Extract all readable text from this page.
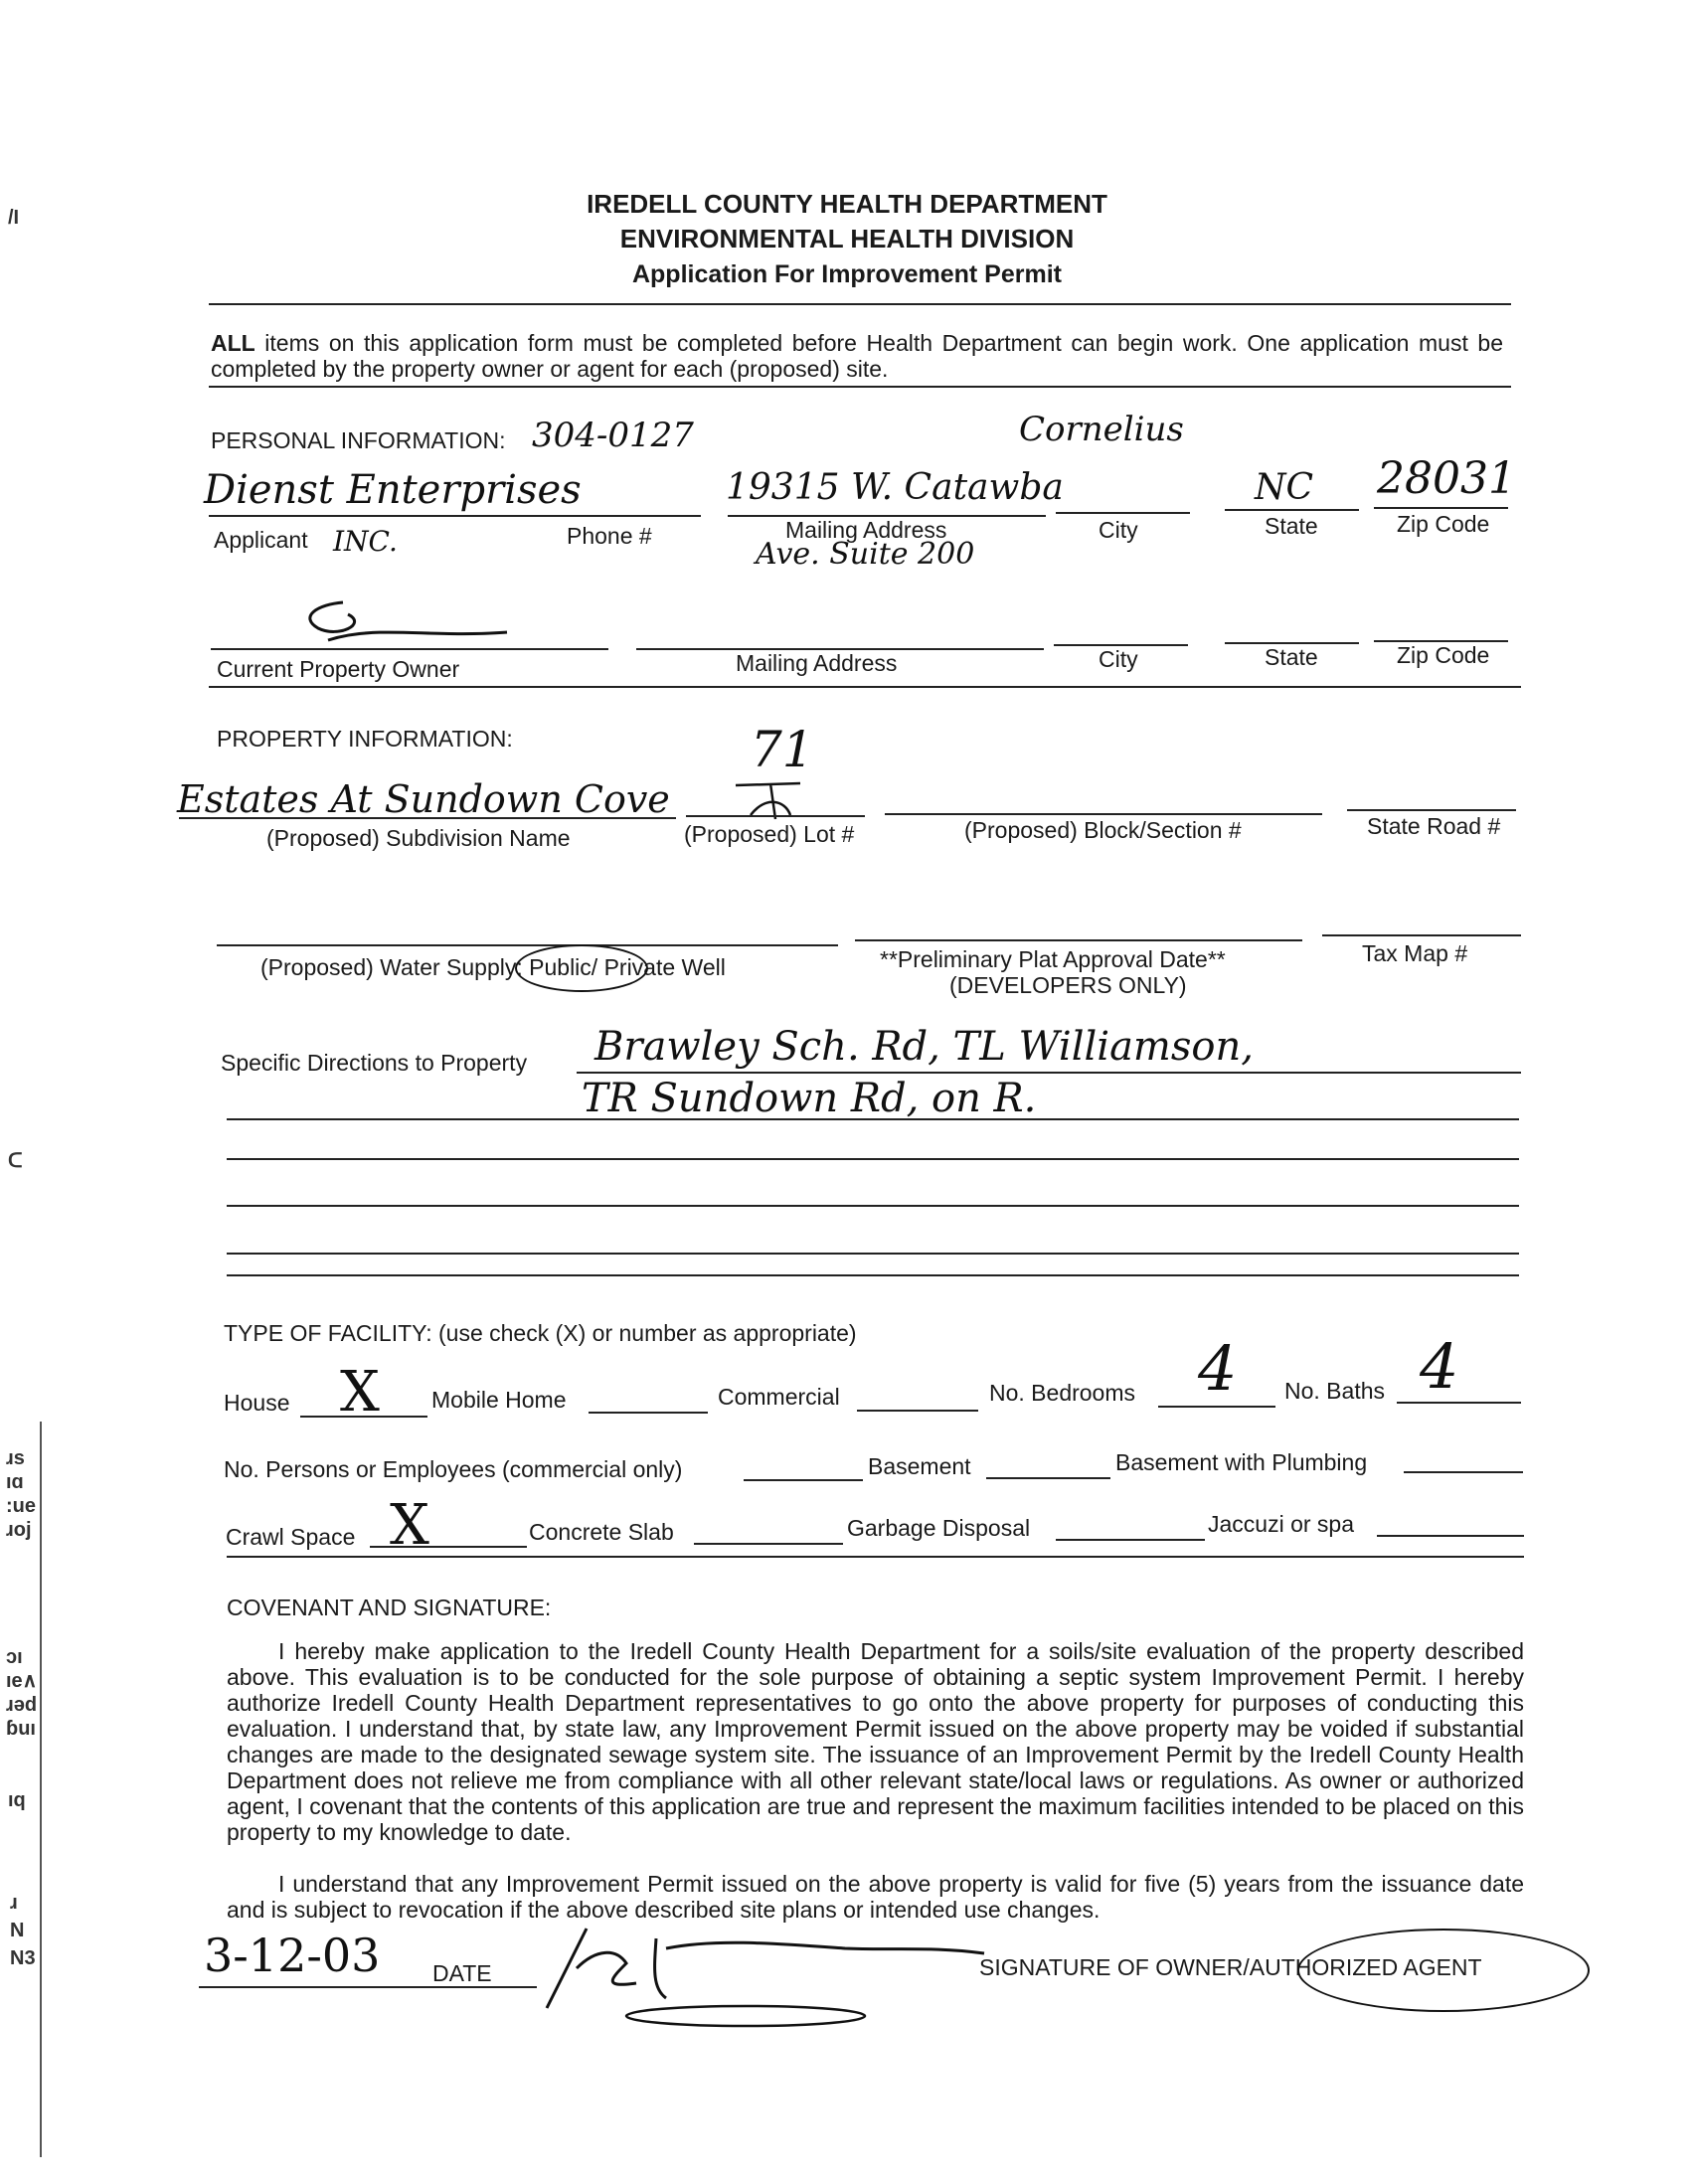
/I
ᑕ
ɹs
ıɑ
:ue
ɹoj
ɔı
ıe∧
ɹǝd
ɓuı
ıq
ɹ
N
N3
IREDELL COUNTY HEALTH DEPARTMENT
ENVIRONMENTAL HEALTH DIVISION
Application For Improvement Permit
ALL items on this application form must be completed before Health Department can begin work. One application must be completed by the property owner or agent for each (proposed) site.
PERSONAL INFORMATION: 304-0127	Cornelius
Dienst Enterprises	19315 W. Catawba	NC 28031
Applicant INC.	Phone #	Mailing Address
Ave. Suite 200
City	State	Zip Code
Current Property Owner	Mailing Address	City	State	Zip Code
PROPERTY INFORMATION:	71
Estates At Sundown Cove
(Proposed) Subdivision Name	(Proposed) Lot #	(Proposed) Block/Section #	State Road #
(Proposed) Water Supply: Public/ Private Well	**Preliminary Plat Approval Date**
(DEVELOPERS ONLY)
Tax Map #
Specific Directions to Property Brawley Sch. Rd, TL Williamson,
TR Sundown Rd, on R.
TYPE OF FACILITY: (use check (X) or number as appropriate)
House X Mobile Home	Commercial	No. Bedrooms 4 No. Baths 4
No. Persons or Employees (commercial only)	Basement	Basement with Plumbing
Crawl Space X	Concrete Slab	Garbage Disposal	Jaccuzi or spa
COVENANT AND SIGNATURE:
I hereby make application to the Iredell County Health Department for a soils/site evaluation of the property described above. This evaluation is to be conducted for the sole purpose of obtaining a septic system Improvement Permit. I hereby authorize Iredell County Health Department representatives to go onto the above property for purposes of conducting this evaluation. I understand that, by state law, any Improvement Permit issued on the above property may be voided if substantial changes are made to the designated sewage system site. The issuance of an Improvement Permit by the Iredell County Health Department does not relieve me from compliance with all other relevant state/local laws or regulations. As owner or authorized agent, I covenant that the contents of this application are true and represent the maximum facilities intended to be placed on this property to my knowledge to date.
I understand that any Improvement Permit issued on the above property is valid for five (5) years from the issuance date and is subject to revocation if the above described site plans or intended use changes.
3-12-03 DATE	SIGNATURE OF OWNER/AUTHORIZED AGENT
